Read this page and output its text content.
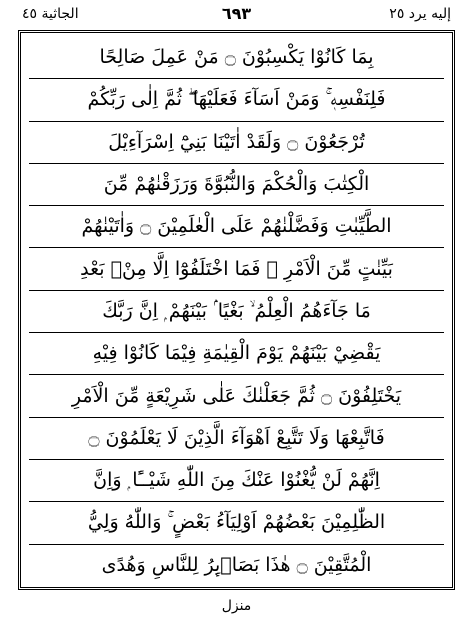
الجاثية ٤٥	٦٩٣	إليه يرد ٢٥
بِمَا كَانُوْا يَكْسِبُوْنَ ۝ مَنْ عَمِلَ صَالِحًا
فَلِنَفْسِهٖ ۚ وَمَنْ اَسَآءَ فَعَلَيْهَا ۖ ثُمَّ اِلٰى رَبِّكُمْ
تُرْجَعُوْنَ ۝ وَلَقَدْ اٰتَيْنَا بَنِيْٓ اِسْرَآءِيْلَ
الْكِتٰبَ وَالْحُكْمَ وَالنُّبُوَّةَ وَرَزَقْنٰهُمْ مِّنَ
الطَّيِّبٰتِ وَفَضَّلْنٰهُمْ عَلَى الْعٰلَمِيْنَ ۝ وَاٰتَيْنٰهُمْ
بَيِّنٰتٍ مِّنَ الْاَمْرِ ۚ فَمَا اخْتَلَفُوْٓا اِلَّا مِنْۢ بَعْدِ
مَا جَآءَهُمُ الْعِلْمُ ۙ بَغْيًا ۢ بَيْنَهُمْ ۭ اِنَّ رَبَّكَ
يَقْضِيْ بَيْنَهُمْ يَوْمَ الْقِيٰمَةِ فِيْمَا كَانُوْا فِيْهِ
يَخْتَلِفُوْنَ ۝ ثُمَّ جَعَلْنٰكَ عَلٰى شَرِيْعَةٍ مِّنَ الْاَمْرِ
فَاتَّبِعْهَا وَلَا تَتَّبِعْ اَهْوَآءَ الَّذِيْنَ لَا يَعْلَمُوْنَ ۝
اِنَّهُمْ لَنْ يُّغْنُوْا عَنْكَ مِنَ اللّٰهِ شَيْــًٔا ۭ وَاِنَّ
الظّٰلِمِيْنَ بَعْضُهُمْ اَوْلِيَآءُ بَعْضٍ ۚ وَاللّٰهُ وَلِيُّ
الْمُتَّقِيْنَ ۝ هٰذَا بَصَاۗىِٕرُ لِلنَّاسِ وَهُدًى
منزل
